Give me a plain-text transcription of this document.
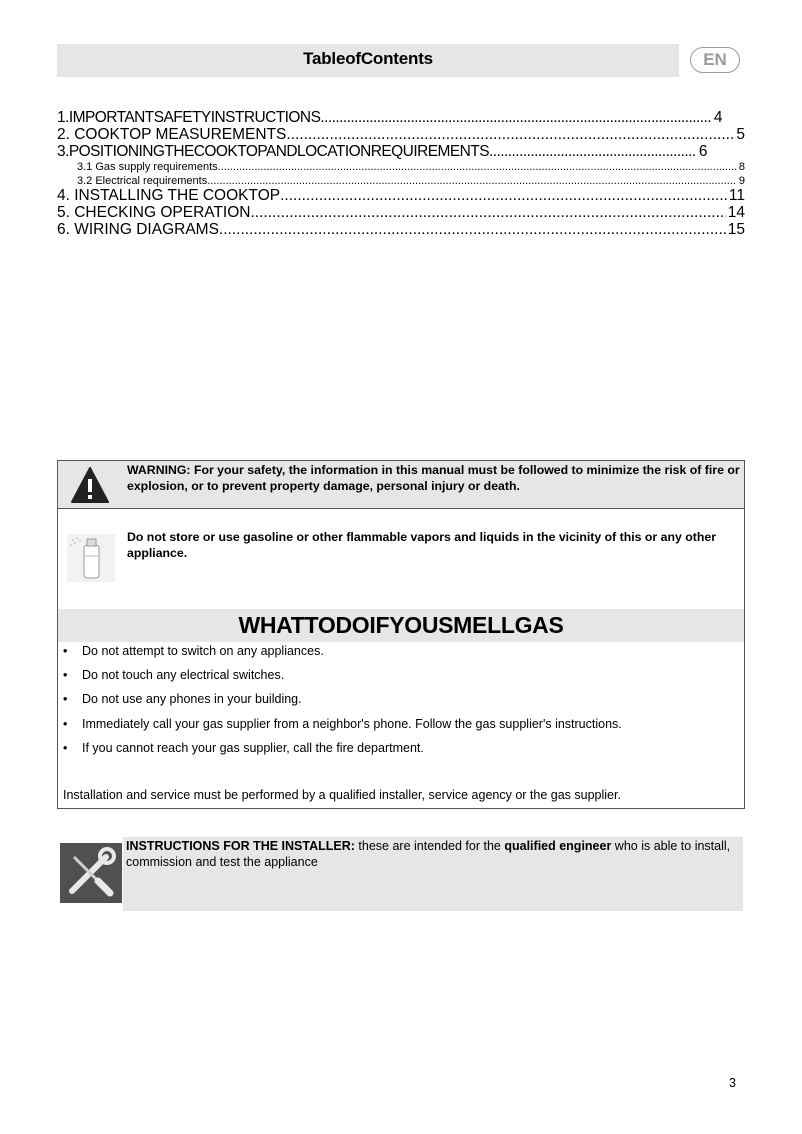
TableofContents	EN
1.IMPORTANTSAFETYINSTRUCTIONS .....	4
2. COOKTOP MEASUREMENTS .....	5
3.POSITIONINGTHECOOKTOPANDLOCATIONREQUIREMENTS .....	6
3.1 Gas supply requirements .....	8
3.2 Electrical requirements .....	9
4. INSTALLING THE COOKTOP .....	11
5. CHECKING OPERATION .....	14
6. WIRING DIAGRAMS .....	15
WARNING: For your safety, the information in this manual must be followed to minimize the risk of fire or explosion, or to prevent property damage, personal injury or death.
Do not store or use gasoline or other flammable vapors and liquids in the vicinity of this or any other appliance.
WHATTODOIFYOUSMELLGAS
• Do not attempt to switch on any appliances.
• Do not touch any electrical switches.
• Do not use any phones in your building.
• Immediately call your gas supplier from a neighbor's phone. Follow the gas supplier's instructions.
• If you cannot reach your gas supplier, call the fire department.
Installation and service must be performed by a qualified installer, service agency or the gas supplier.
INSTRUCTIONS FOR THE INSTALLER: these are intended for the qualified engineer who is able to install, commission and test the appliance
3
